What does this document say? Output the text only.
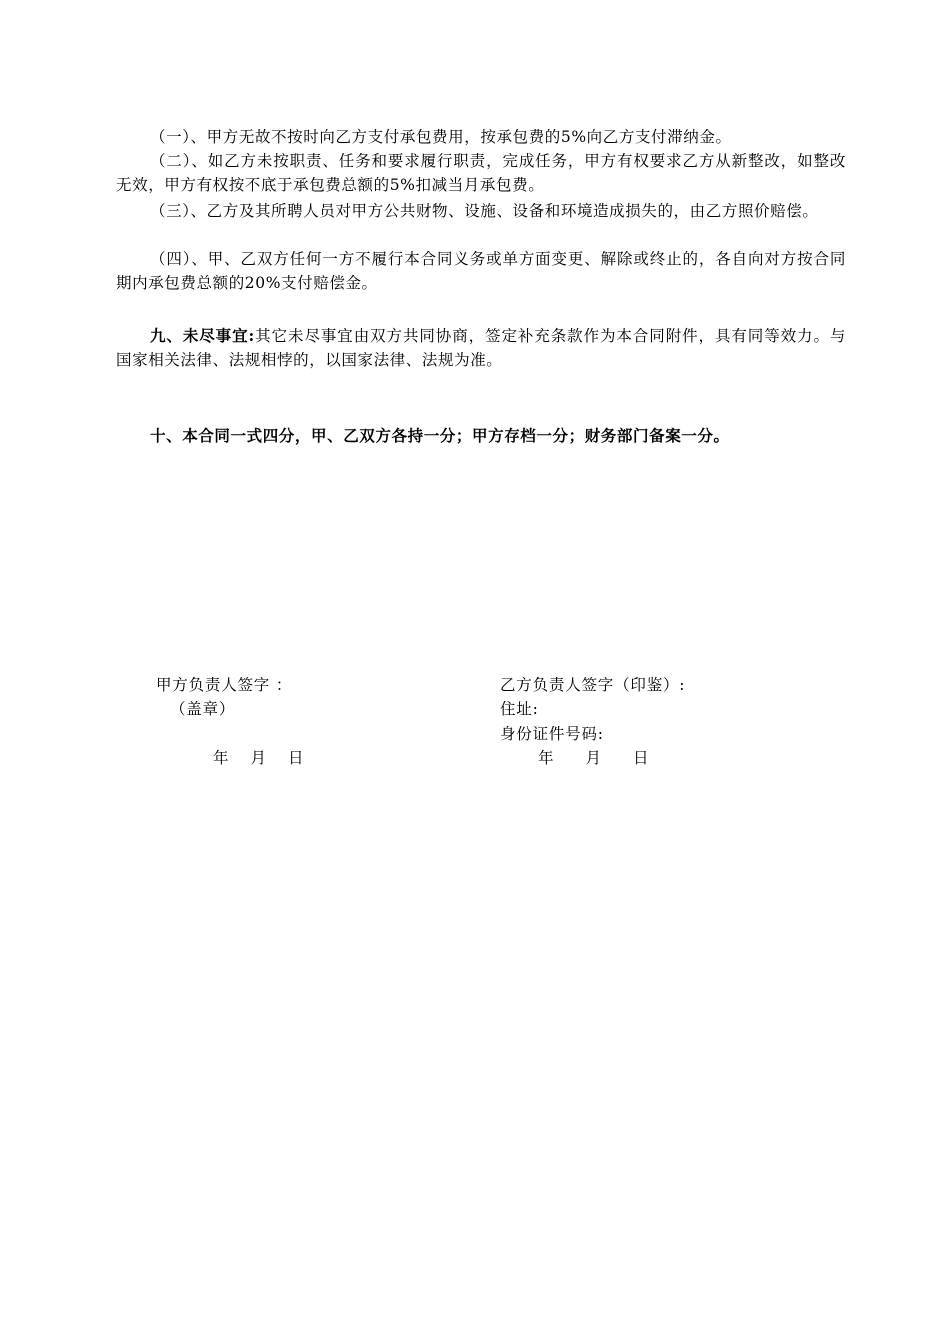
（一）、甲方无故不按时向乙方支付承包费用，按承包费的5%向乙方支付滞纳金。

（二）、如乙方未按职责、任务和要求履行职责，完成任务，甲方有权要求乙方从新整改，如整改无效，甲方有权按不底于承包费总额的5%扣减当月承包费。

（三）、乙方及其所聘人员对甲方公共财物、设施、设备和环境造成损失的，由乙方照价赔偿。

（四）、甲、乙双方任何一方不履行本合同义务或单方面变更、解除或终止的，各自向对方按合同期内承包费总额的20%支付赔偿金。

九、未尽事宜:其它未尽事宜由双方共同协商，签定补充条款作为本合同附件，具有同等效力。与国家相关法律、法规相悖的，以国家法律、法规为准。

十、本合同一式四分，甲、乙双方各持一分；甲方存档一分；财务部门备案一分。
甲方负责人签字 ：
（盖章）
年 月 日
乙方负责人签字（印鉴）:
住址:
身份证件号码:
年 月 日
